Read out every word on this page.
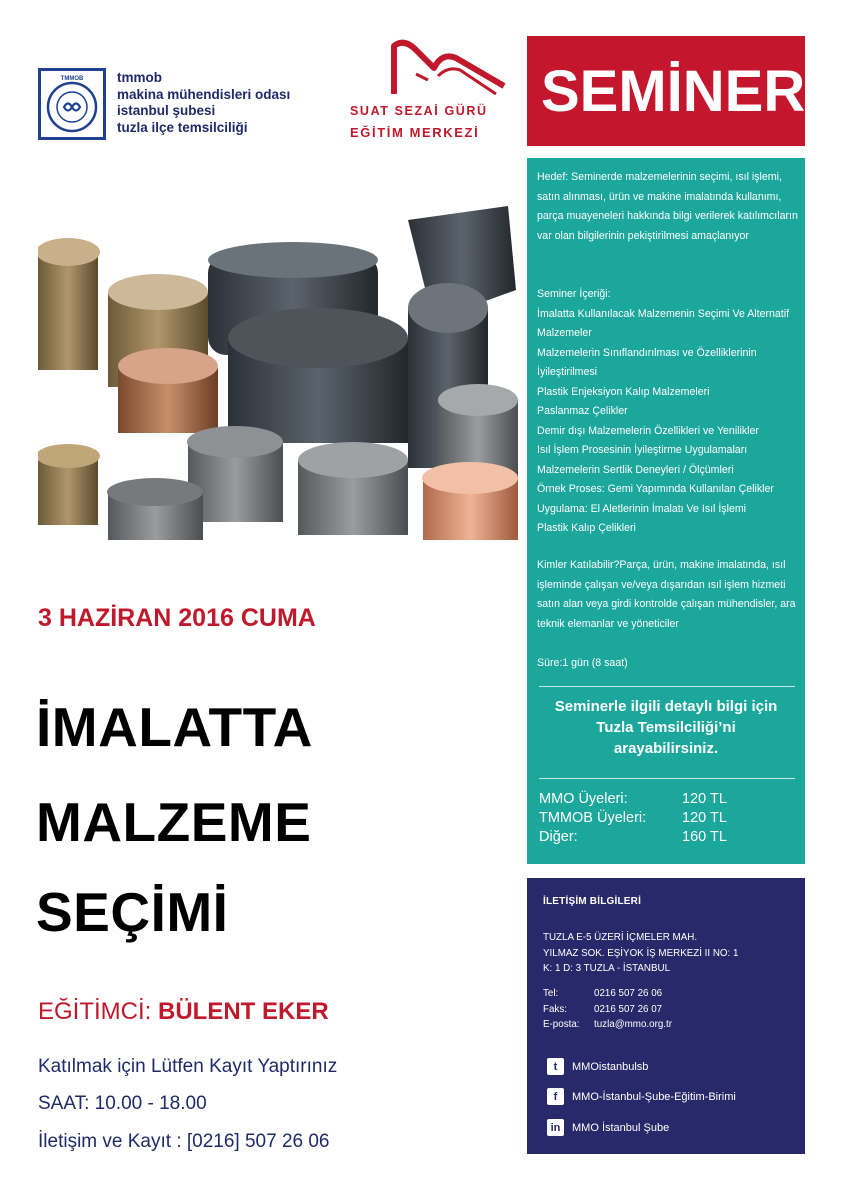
TMMOB tmmob
makina mühendisleri odası
istanbul şubesi
tuzla ilçe temsilciliği
SUAT SEZAİ GÜRÜ
EĞİTİM MERKEZİ
SEMİNER
Hedef: Seminerde malzemelerinin seçimi, ısıl işlemi, satın alınması, ürün ve makine imalatında kullanımı, parça muayeneleri hakkında bilgi verilerek katılımcıların var olan bilgilerinin pekiştirilmesi amaçlanıyor
Seminer İçeriği:
İmalatta Kullanılacak Malzemenin Seçimi Ve Alternatif Malzemeler
Malzemelerin Sınıflandırılması ve Özelliklerinin İyileştirilmesi
Plastik Enjeksiyon Kalıp Malzemeleri
Paslanmaz Çelikler
Demir dışı Malzemelerin Özellikleri ve Yenilikler
Isıl İşlem Prosesinin İyileştirme Uygulamaları
Malzemelerin Sertlik Deneyleri / Ölçümleri
Örnek Proses: Gemi Yapımında Kullanılan Çelikler
Uygulama: El Aletlerinin İmalatı Ve Isıl İşlemi
Plastik Kalıp Çelikleri
Kimler Katılabilir?Parça, ürün, makine imalatında, ısıl işleminde çalışan ve/veya dışarıdan ısıl işlem hizmeti satın alan veya girdi kontrolde çalışan mühendisler, ara teknik elemanlar ve yöneticiler
Süre:1 gün (8 saat)
Seminerle ilgili detaylı bilgi için
Tuzla Temsilciliği’ni
arayabilirsiniz.
MMO Üyeleri:	120 TL
TMMOB Üyeleri:	120 TL
Diğer:	160 TL
İLETİŞİM BİLGİLERİ
TUZLA E-5 ÜZERİ İÇMELER MAH.
YILMAZ SOK. EŞİYOK İŞ MERKEZİ II NO: 1
K: 1 D: 3 TUZLA - İSTANBUL
Tel:	0216 507 26 06
Faks:	0216 507 26 07
E-posta:	tuzla@mmo.org.tr
t	MMOistanbulsb
f	MMO-İstanbul-Şube-Eğitim-Birimi
in	MMO İstanbul Şube
3 HAZİRAN 2016 CUMA
İMALATTA
MALZEME
SEÇİMİ
EĞİTİMCİ: BÜLENT EKER
Katılmak için Lütfen Kayıt Yaptırınız
SAAT: 10.00 - 18.00
İletişim ve Kayıt : [0216] 507 26 06
